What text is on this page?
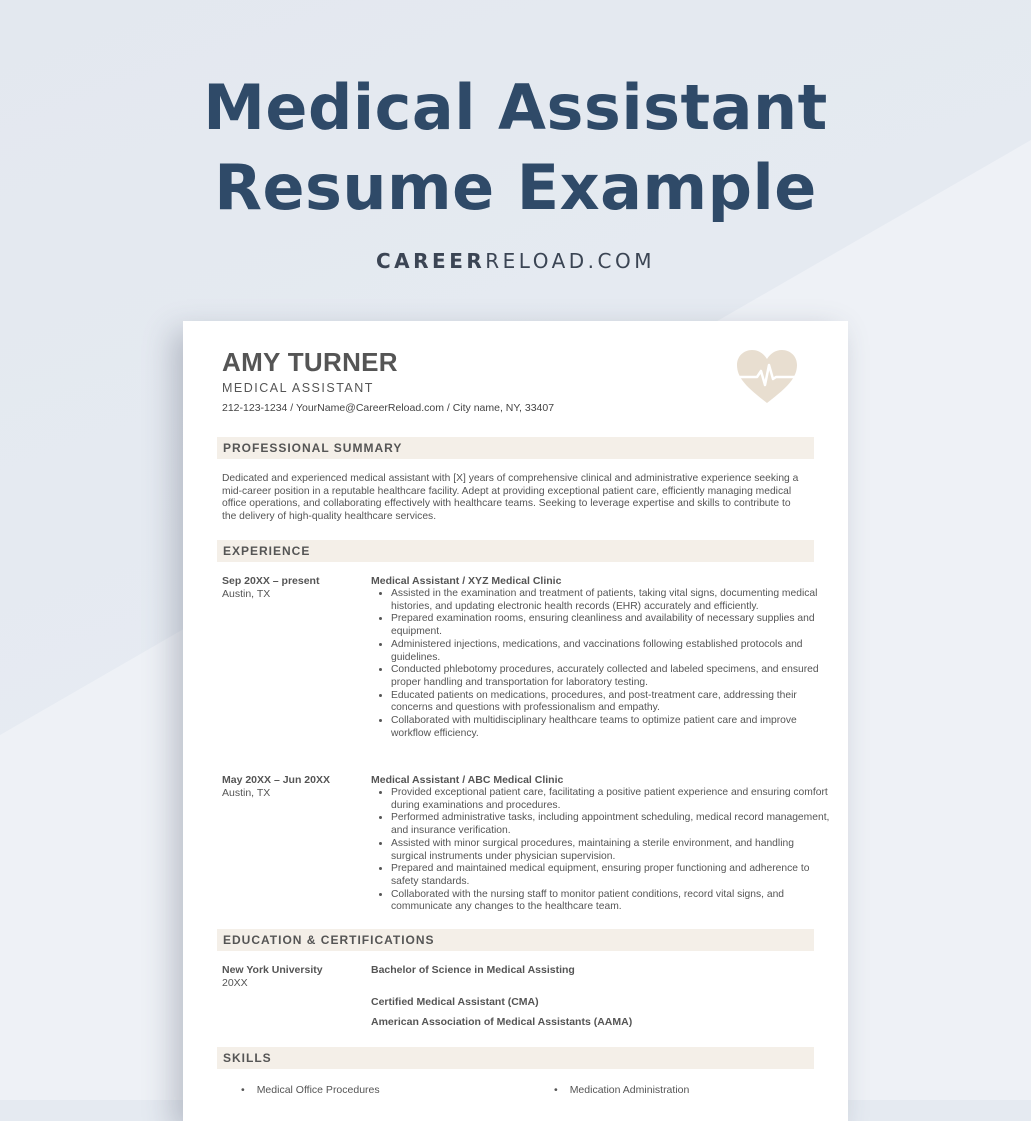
Medical Assistant
Resume Example
CAREERRELOAD.COM
AMY TURNER
MEDICAL ASSISTANT
212-123-1234 / YourName@CareerReload.com / City name, NY, 33407
PROFESSIONAL SUMMARY
Dedicated and experienced medical assistant with [X] years of comprehensive clinical and administrative experience seeking a mid-career position in a reputable healthcare facility. Adept at providing exceptional patient care, efficiently managing medical office operations, and collaborating effectively with healthcare teams. Seeking to leverage expertise and skills to contribute to the delivery of high-quality healthcare services.
EXPERIENCE
Sep 20XX – present
Austin, TX
Medical Assistant / XYZ Medical Clinic
• Assisted in the examination and treatment of patients, taking vital signs, documenting medical histories, and updating electronic health records (EHR) accurately and efficiently.
• Prepared examination rooms, ensuring cleanliness and availability of necessary supplies and equipment.
• Administered injections, medications, and vaccinations following established protocols and guidelines.
• Conducted phlebotomy procedures, accurately collected and labeled specimens, and ensured proper handling and transportation for laboratory testing.
• Educated patients on medications, procedures, and post-treatment care, addressing their concerns and questions with professionalism and empathy.
• Collaborated with multidisciplinary healthcare teams to optimize patient care and improve workflow efficiency.
May 20XX – Jun 20XX
Austin, TX
Medical Assistant / ABC Medical Clinic
• Provided exceptional patient care, facilitating a positive patient experience and ensuring comfort during examinations and procedures.
• Performed administrative tasks, including appointment scheduling, medical record management, and insurance verification.
• Assisted with minor surgical procedures, maintaining a sterile environment, and handling surgical instruments under physician supervision.
• Prepared and maintained medical equipment, ensuring proper functioning and adherence to safety standards.
• Collaborated with the nursing staff to monitor patient conditions, record vital signs, and communicate any changes to the healthcare team.
EDUCATION & CERTIFICATIONS
New York University
20XX
Bachelor of Science in Medical Assisting
Certified Medical Assistant (CMA)
American Association of Medical Assistants (AAMA)
SKILLS
• Medical Office Procedures	• Medication Administration
